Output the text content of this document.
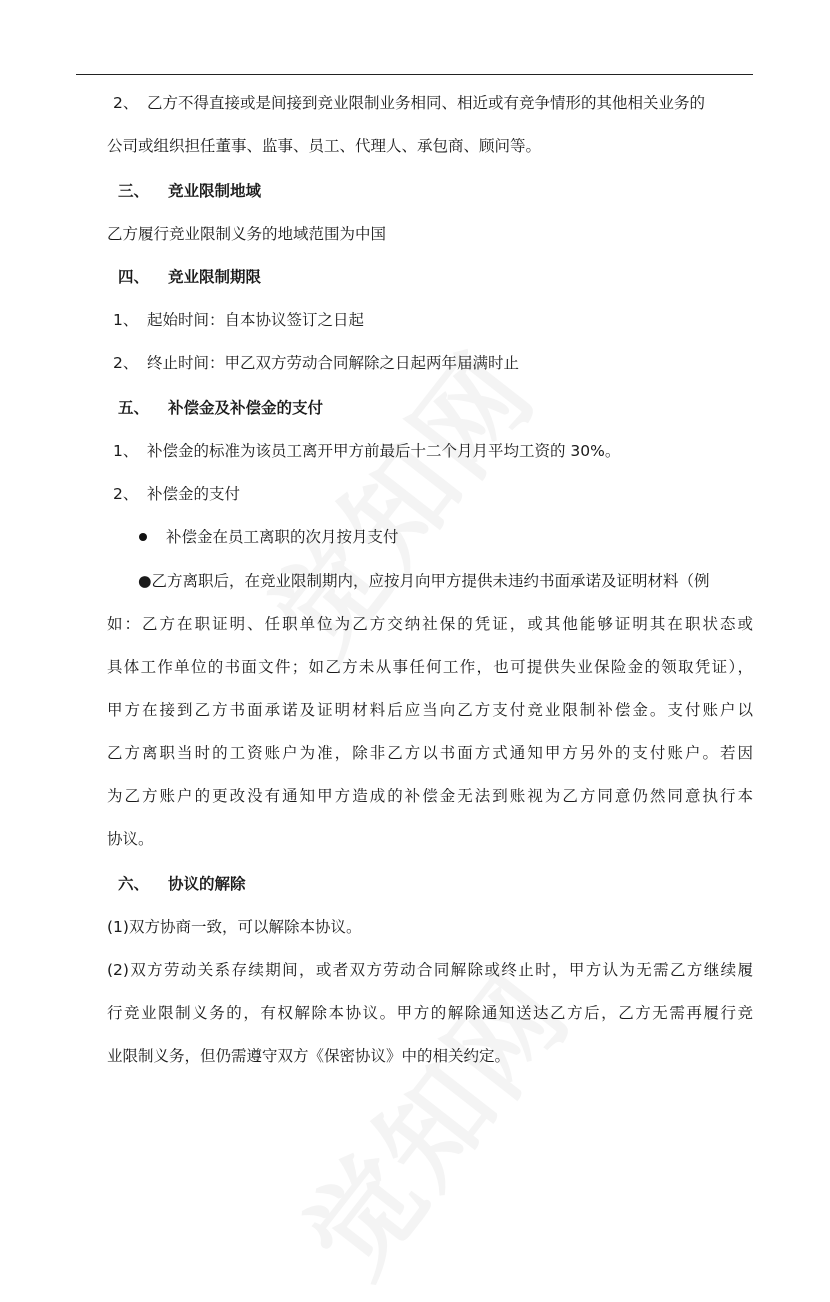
2、 乙方不得直接或是间接到竞业限制业务相同、相近或有竞争情形的其他相关业务的
公司或组织担任董事、监事、员工、代理人、承包商、顾问等。
三、 竞业限制地域
乙方履行竞业限制义务的地域范围为中国
四、 竞业限制期限
1、 起始时间：自本协议签订之日起
2、 终止时间：甲乙双方劳动合同解除之日起两年届满时止
五、 补偿金及补偿金的支付
1、 补偿金的标准为该员工离开甲方前最后十二个月月平均工资的 30%。
2、 补偿金的支付
补偿金在员工离职的次月按月支付
●乙方离职后，在竞业限制期内，应按月向甲方提供未违约书面承诺及证明材料（例
如：乙方在职证明、任职单位为乙方交纳社保的凭证，或其他能够证明其在职状态或
具体工作单位的书面文件；如乙方未从事任何工作，也可提供失业保险金的领取凭证），
甲方在接到乙方书面承诺及证明材料后应当向乙方支付竞业限制补偿金。支付账户以
乙方离职当时的工资账户为准，除非乙方以书面方式通知甲方另外的支付账户。若因
为乙方账户的更改没有通知甲方造成的补偿金无法到账视为乙方同意仍然同意执行本
协议。
六、 协议的解除
(1)双方协商一致，可以解除本协议。
(2)双方劳动关系存续期间，或者双方劳动合同解除或终止时，甲方认为无需乙方继续履
行竞业限制义务的，有权解除本协议。甲方的解除通知送达乙方后，乙方无需再履行竞
业限制义务，但仍需遵守双方《保密协议》中的相关约定。
